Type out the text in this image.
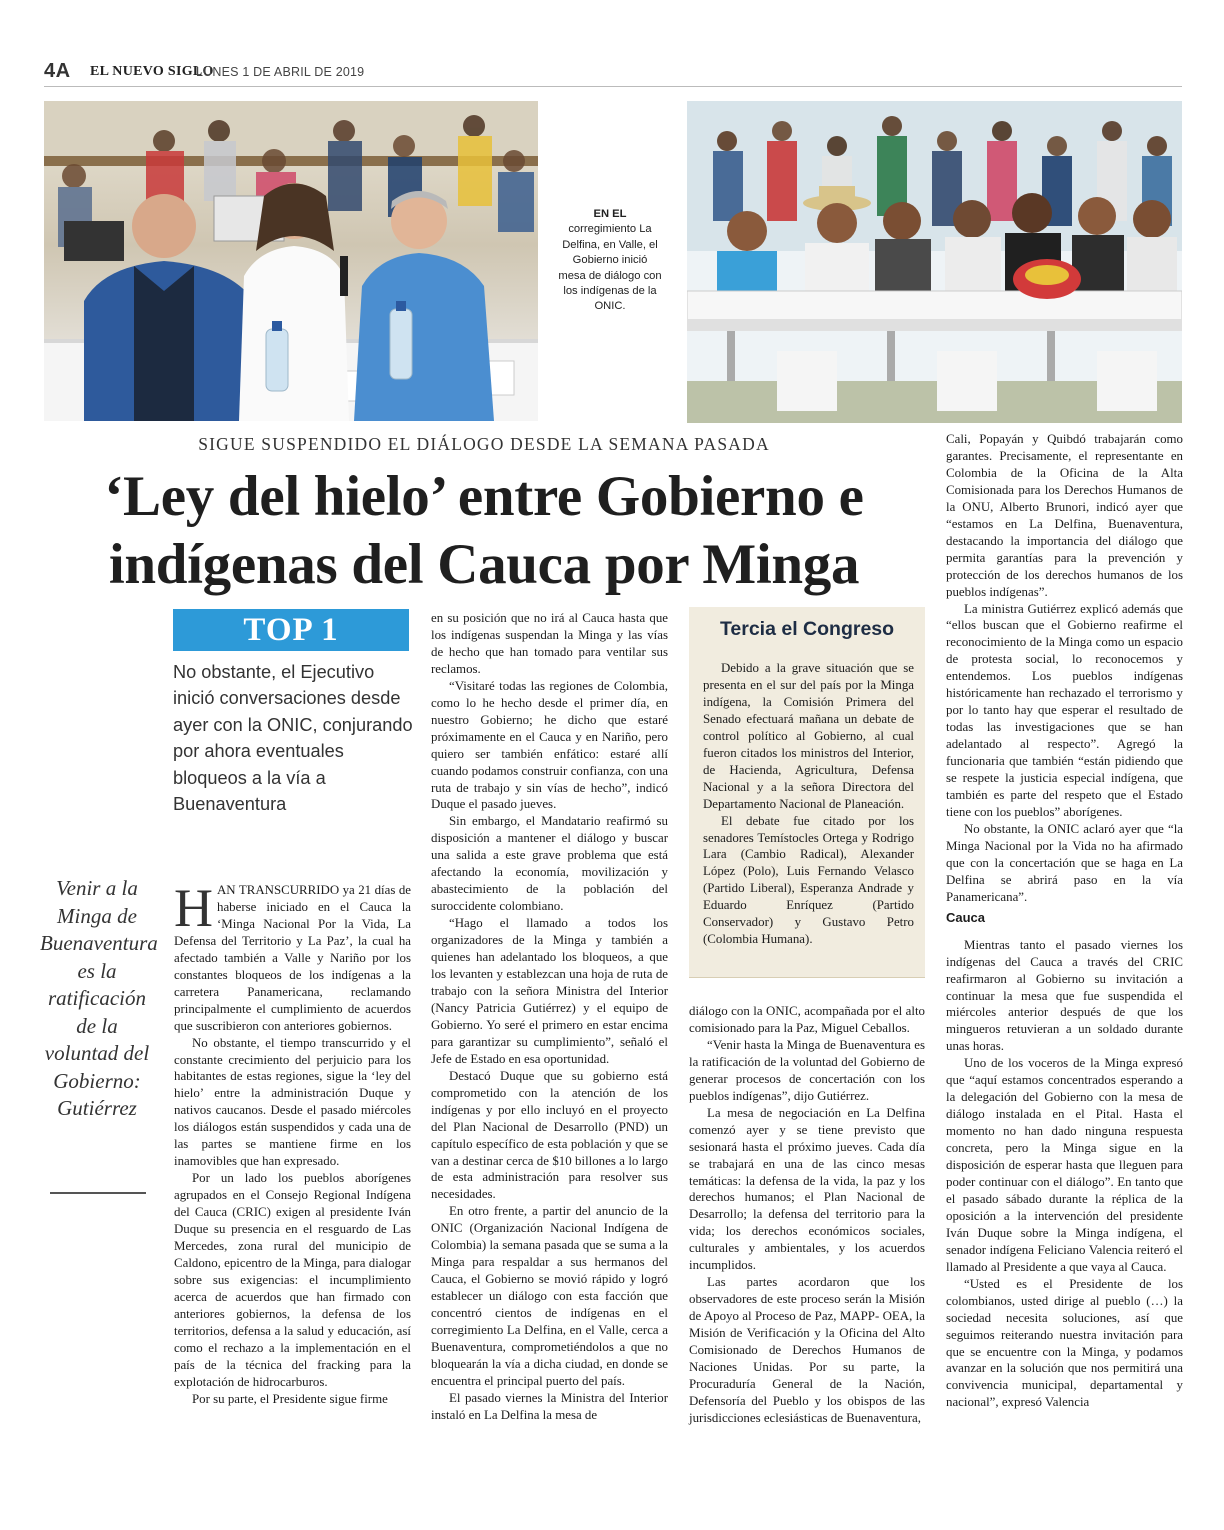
4A EL NUEVO SIGLO
LUNES 1 DE ABRIL DE 2019
EN EL
corregimiento La Delfina, en Valle, el Gobierno inició mesa de diálogo con los indígenas de la ONIC.
SIGUE SUSPENDIDO EL DIÁLOGO DESDE LA SEMANA PASADA
‘Ley del hielo’ entre Gobierno e
indígenas del Cauca por Minga
TOP 1
No obstante, el Ejecutivo inició conversaciones desde ayer con la ONIC, conjurando por ahora eventuales bloqueos a la vía a Buenaventura
Venir a la Minga de Buenaventura es la ratificación de la voluntad del Gobierno: Gutiérrez

HAN TRANSCURRIDO ya 21 días de haberse iniciado en el Cauca la ‘Minga Nacional Por la Vida, La Defensa del Territorio y La Paz’, la cual ha afectado también a Valle y Nariño por los constantes bloqueos de los indígenas a la carretera Panamericana, reclamando principalmente el cumplimiento de acuerdos que suscribieron con anteriores gobiernos.

No obstante, el tiempo transcurrido y el constante crecimiento del perjuicio para los habitantes de estas regiones, sigue la ‘ley del hielo’ entre la administración Duque y nativos caucanos. Desde el pasado miércoles los diálogos están suspendidos y cada una de las partes se mantiene firme en los inamovibles que han expresado.

Por un lado los pueblos aborígenes agrupados en el Consejo Regional Indígena del Cauca (CRIC) exigen al presidente Iván Duque su presencia en el resguardo de Las Mercedes, zona rural del municipio de Caldono, epicentro de la Minga, para dialogar sobre sus exigencias: el incumplimiento acerca de acuerdos que han firmado con anteriores gobiernos, la defensa de los territorios, defensa a la salud y educación, así como el rechazo a la implementación en el país de la técnica del fracking para la explotación de hidrocarburos.

Por su parte, el Presidente sigue firme

en su posición que no irá al Cauca hasta que los indígenas suspendan la Minga y las vías de hecho que han tomado para ventilar sus reclamos.

“Visitaré todas las regiones de Colombia, como lo he hecho desde el primer día, en nuestro Gobierno; he dicho que estaré próximamente en el Cauca y en Nariño, pero quiero ser también enfático: estaré allí cuando podamos construir confianza, con una ruta de trabajo y sin vías de hecho”, indicó Duque el pasado jueves.

Sin embargo, el Mandatario reafirmó su disposición a mantener el diálogo y buscar una salida a este grave problema que está afectando la economía, movilización y abastecimiento de la población del suroccidente colombiano.

“Hago el llamado a todos los organizadores de la Minga y también a quienes han adelantado los bloqueos, a que los levanten y establezcan una hoja de ruta de trabajo con la señora Ministra del Interior (Nancy Patricia Gutiérrez) y el equipo de Gobierno. Yo seré el primero en estar encima para garantizar su cumplimiento”, señaló el Jefe de Estado en esa oportunidad.

Destacó Duque que su gobierno está comprometido con la atención de los indígenas y por ello incluyó en el proyecto del Plan Nacional de Desarrollo (PND) un capítulo específico de esta población y que se van a destinar cerca de $10 billones a lo largo de esta administración para resolver sus necesidades.

En otro frente, a partir del anuncio de la ONIC (Organización Nacional Indígena de Colombia) la semana pasada que se suma a la Minga para respaldar a sus hermanos del Cauca, el Gobierno se movió rápido y logró establecer un diálogo con esta facción que concentró cientos de indígenas en el corregimiento La Delfina, en el Valle, cerca a Buenaventura, comprometiéndolos a que no bloquearán la vía a dicha ciudad, en donde se encuentra el principal puerto del país.

El pasado viernes la Ministra del Interior instaló en La Delfina la mesa de

Tercia el Congreso

Debido a la grave situación que se presenta en el sur del país por la Minga indígena, la Comisión Primera del Senado efectuará mañana un debate de control político al Gobierno, al cual fueron citados los ministros del Interior, de Hacienda, Agricultura, Defensa Nacional y a la señora Directora del Departamento Nacional de Planeación.

El debate fue citado por los senadores Temístocles Ortega y Rodrigo Lara (Cambio Radical), Alexander López (Polo), Luis Fernando Velasco (Partido Liberal), Esperanza Andrade y Eduardo Enríquez (Partido Conservador) y Gustavo Petro (Colombia Humana).

diálogo con la ONIC, acompañada por el alto comisionado para la Paz, Miguel Ceballos.

“Venir hasta la Minga de Buenaventura es la ratificación de la voluntad del Gobierno de generar procesos de concertación con los pueblos indígenas”, dijo Gutiérrez.

La mesa de negociación en La Delfina comenzó ayer y se tiene previsto que sesionará hasta el próximo jueves. Cada día se trabajará en una de las cinco mesas temáticas: la defensa de la vida, la paz y los derechos humanos; el Plan Nacional de Desarrollo; la defensa del territorio para la vida; los derechos económicos sociales, culturales y ambientales, y los acuerdos incumplidos.

Las partes acordaron que los observadores de este proceso serán la Misión de Apoyo al Proceso de Paz, MAPP- OEA, la Misión de Verificación y la Oficina del Alto Comisionado de Derechos Humanos de Naciones Unidas. Por su parte, la Procuraduría General de la Nación, Defensoría del Pueblo y los obispos de las jurisdicciones eclesiásticas de Buenaventura,

Cali, Popayán y Quibdó trabajarán como garantes. Precisamente, el representante en Colombia de la Oficina de la Alta Comisionada para los Derechos Humanos de la ONU, Alberto Brunori, indicó ayer que “estamos en La Delfina, Buenaventura, destacando la importancia del diálogo que permita garantías para la prevención y protección de los derechos humanos de los pueblos indígenas”.

La ministra Gutiérrez explicó además que “ellos buscan que el Gobierno reafirme el reconocimiento de la Minga como un espacio de protesta social, lo reconocemos y entendemos. Los pueblos indígenas históricamente han rechazado el terrorismo y por lo tanto hay que esperar el resultado de todas las investigaciones que se han adelantado al respecto”. Agregó la funcionaria que también “están pidiendo que se respete la justicia especial indígena, que también es parte del respeto que el Estado tiene con los pueblos” aborígenes.

No obstante, la ONIC aclaró ayer que “la Minga Nacional por la Vida no ha afirmado que con la concertación que se haga en La Delfina se abrirá paso en la vía Panamericana”.

Cauca

Mientras tanto el pasado viernes los indígenas del Cauca a través del CRIC reafirmaron al Gobierno su invitación a continuar la mesa que fue suspendida el miércoles anterior después de que los mingueros retuvieran a un soldado durante unas horas.

Uno de los voceros de la Minga expresó que “aquí estamos concentrados esperando a la delegación del Gobierno con la mesa de diálogo instalada en el Pital. Hasta el momento no han dado ninguna respuesta concreta, pero la Minga sigue en la disposición de esperar hasta que lleguen para poder continuar con el diálogo”. En tanto que el pasado sábado durante la réplica de la oposición a la intervención del presidente Iván Duque sobre la Minga indígena, el senador indígena Feliciano Valencia reiteró el llamado al Presidente a que vaya al Cauca.

“Usted es el Presidente de los colombianos, usted dirige al pueblo (…) la sociedad necesita soluciones, así que seguimos reiterando nuestra invitación para que se encuentre con la Minga, y podamos avanzar en la solución que nos permitirá una convivencia municipal, departamental y nacional”, expresó Valencia
